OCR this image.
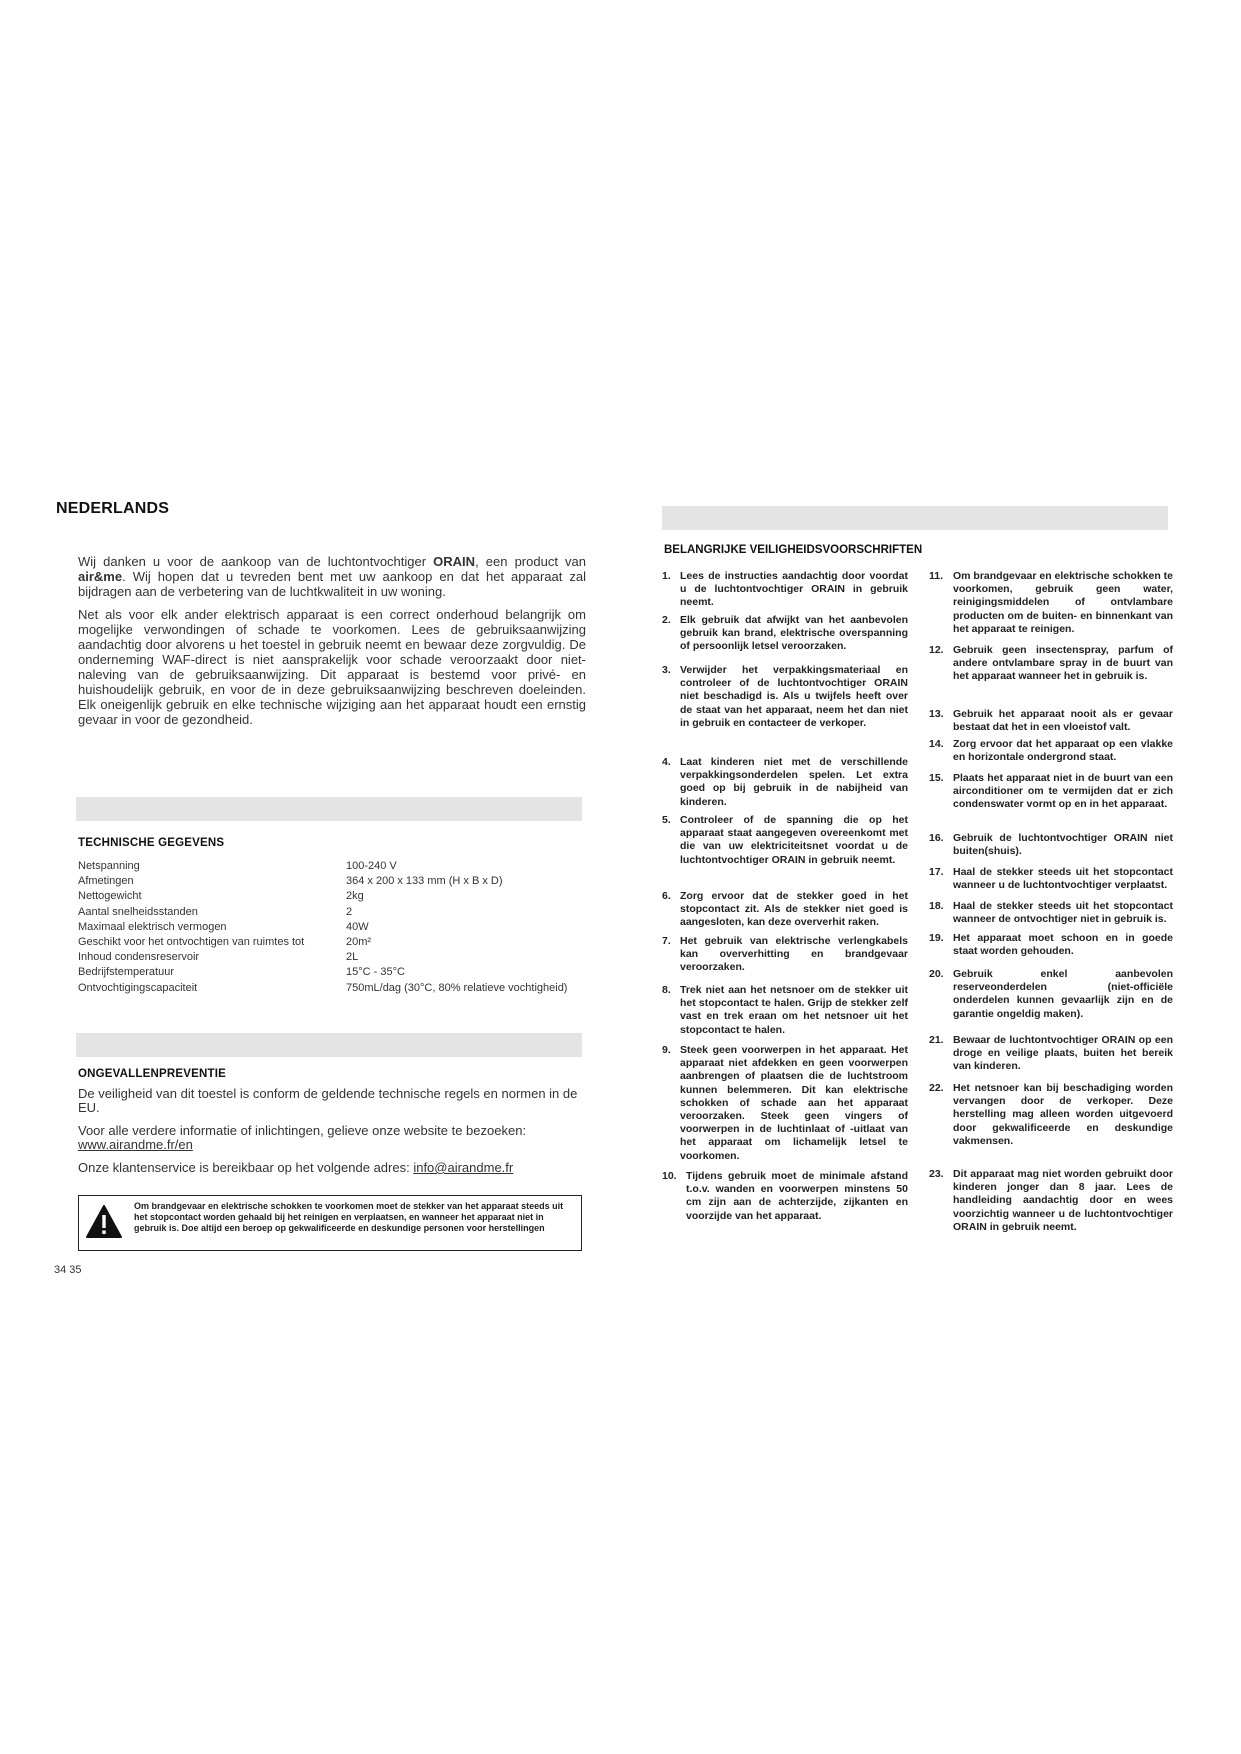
NEDERLANDS

Wij danken u voor de aankoop van de luchtontvochtiger ORAIN, een product van air&me. Wij hopen dat u tevreden bent met uw aankoop en dat het apparaat zal bijdragen aan de verbetering van de luchtkwaliteit in uw woning.

Net als voor elk ander elektrisch apparaat is een correct onderhoud belangrijk om mogelijke verwondingen of schade te voorkomen. Lees de gebruiksaanwijzing aandachtig door alvorens u het toestel in gebruik neemt en bewaar deze zorgvuldig. De onderneming WAF-direct is niet aansprakelijk voor schade veroorzaakt door niet-naleving van de gebruiksaanwijzing. Dit apparaat is bestemd voor privé- en huishoudelijk gebruik, en voor de in deze gebruiksaanwijzing beschreven doeleinden. Elk oneigenlijk gebruik en elke technische wijziging aan het apparaat houdt een ernstig gevaar in voor de gezondheid.

TECHNISCHE GEGEVENS
Netspanning	100-240 V
Afmetingen	364 x 200 x 133 mm (H x B x D)
Nettogewicht	2kg
Aantal snelheidsstanden	2
Maximaal elektrisch vermogen	40W
Geschikt voor het ontvochtigen van ruimtes tot	20m²
Inhoud condensreservoir	2L
Bedrijfstemperatuur	15°C - 35°C
Ontvochtigingscapaciteit	750mL/dag (30°C, 80% relatieve vochtigheid)
ONGEVALLENPREVENTIE

De veiligheid van dit toestel is conform de geldende technische regels en normen in de EU.

Voor alle verdere informatie of inlichtingen, gelieve onze website te bezoeken:
www.airandme.fr/en

Onze klantenservice is bereikbaar op het volgende adres: info@airandme.fr

Om brandgevaar en elektrische schokken te voorkomen moet de stekker van het apparaat steeds uit het stopcontact worden gehaald bij het reinigen en verplaatsen, en wanneer het apparaat niet in gebruik is. Doe altijd een beroep op gekwalificeerde en deskundige personen voor herstellingen
34 35
BELANGRIJKE VEILIGHEIDSVOORSCHRIFTEN
1. Lees de instructies aandachtig door voordat u de luchtontvochtiger ORAIN in gebruik neemt.
2. Elk gebruik dat afwijkt van het aanbevolen gebruik kan brand, elektrische overspanning of persoonlijk letsel veroorzaken.
3. Verwijder het verpakkingsmateriaal en controleer of de luchtontvochtiger ORAIN niet beschadigd is. Als u twijfels heeft over de staat van het apparaat, neem het dan niet in gebruik en contacteer de verkoper.
4. Laat kinderen niet met de verschillende verpakkingsonderdelen spelen. Let extra goed op bij gebruik in de nabijheid van kinderen.
5. Controleer of de spanning die op het apparaat staat aangegeven overeenkomt met die van uw elektriciteitsnet voordat u de luchtontvochtiger ORAIN in gebruik neemt.
6. Zorg ervoor dat de stekker goed in het stopcontact zit. Als de stekker niet goed is aangesloten, kan deze oververhit raken.
7. Het gebruik van elektrische verlengkabels kan oververhitting en brandgevaar veroorzaken.
8. Trek niet aan het netsnoer om de stekker uit het stopcontact te halen. Grijp de stekker zelf vast en trek eraan om het netsnoer uit het stopcontact te halen.
9. Steek geen voorwerpen in het apparaat. Het apparaat niet afdekken en geen voorwerpen aanbrengen of plaatsen die de luchtstroom kunnen belemmeren. Dit kan elektrische schokken of schade aan het apparaat veroorzaken. Steek geen vingers of voorwerpen in de luchtinlaat of -uitlaat van het apparaat om lichamelijk letsel te voorkomen.
10. Tijdens gebruik moet de minimale afstand t.o.v. wanden en voorwerpen minstens 50 cm zijn aan de achterzijde, zijkanten en voorzijde van het apparaat.
11. Om brandgevaar en elektrische schokken te voorkomen, gebruik geen water, reinigingsmiddelen of ontvlambare producten om de buiten- en binnenkant van het apparaat te reinigen.
12. Gebruik geen insectenspray, parfum of andere ontvlambare spray in de buurt van het apparaat wanneer het in gebruik is.
13. Gebruik het apparaat nooit als er gevaar bestaat dat het in een vloeistof valt.
14. Zorg ervoor dat het apparaat op een vlakke en horizontale ondergrond staat.
15. Plaats het apparaat niet in de buurt van een airconditioner om te vermijden dat er zich condenswater vormt op en in het apparaat.
16. Gebruik de luchtontvochtiger ORAIN niet buiten(shuis).
17. Haal de stekker steeds uit het stopcontact wanneer u de luchtontvochtiger verplaatst.
18. Haal de stekker steeds uit het stopcontact wanneer de ontvochtiger niet in gebruik is.
19. Het apparaat moet schoon en in goede staat worden gehouden.
20. Gebruik enkel aanbevolen reserveonderdelen (niet-officiële onderdelen kunnen gevaarlijk zijn en de garantie ongeldig maken).
21. Bewaar de luchtontvochtiger ORAIN op een droge en veilige plaats, buiten het bereik van kinderen.
22. Het netsnoer kan bij beschadiging worden vervangen door de verkoper. Deze herstelling mag alleen worden uitgevoerd door gekwalificeerde en deskundige vakmensen.
23. Dit apparaat mag niet worden gebruikt door kinderen jonger dan 8 jaar. Lees de handleiding aandachtig door en wees voorzichtig wanneer u de luchtontvochtiger ORAIN in gebruik neemt.
